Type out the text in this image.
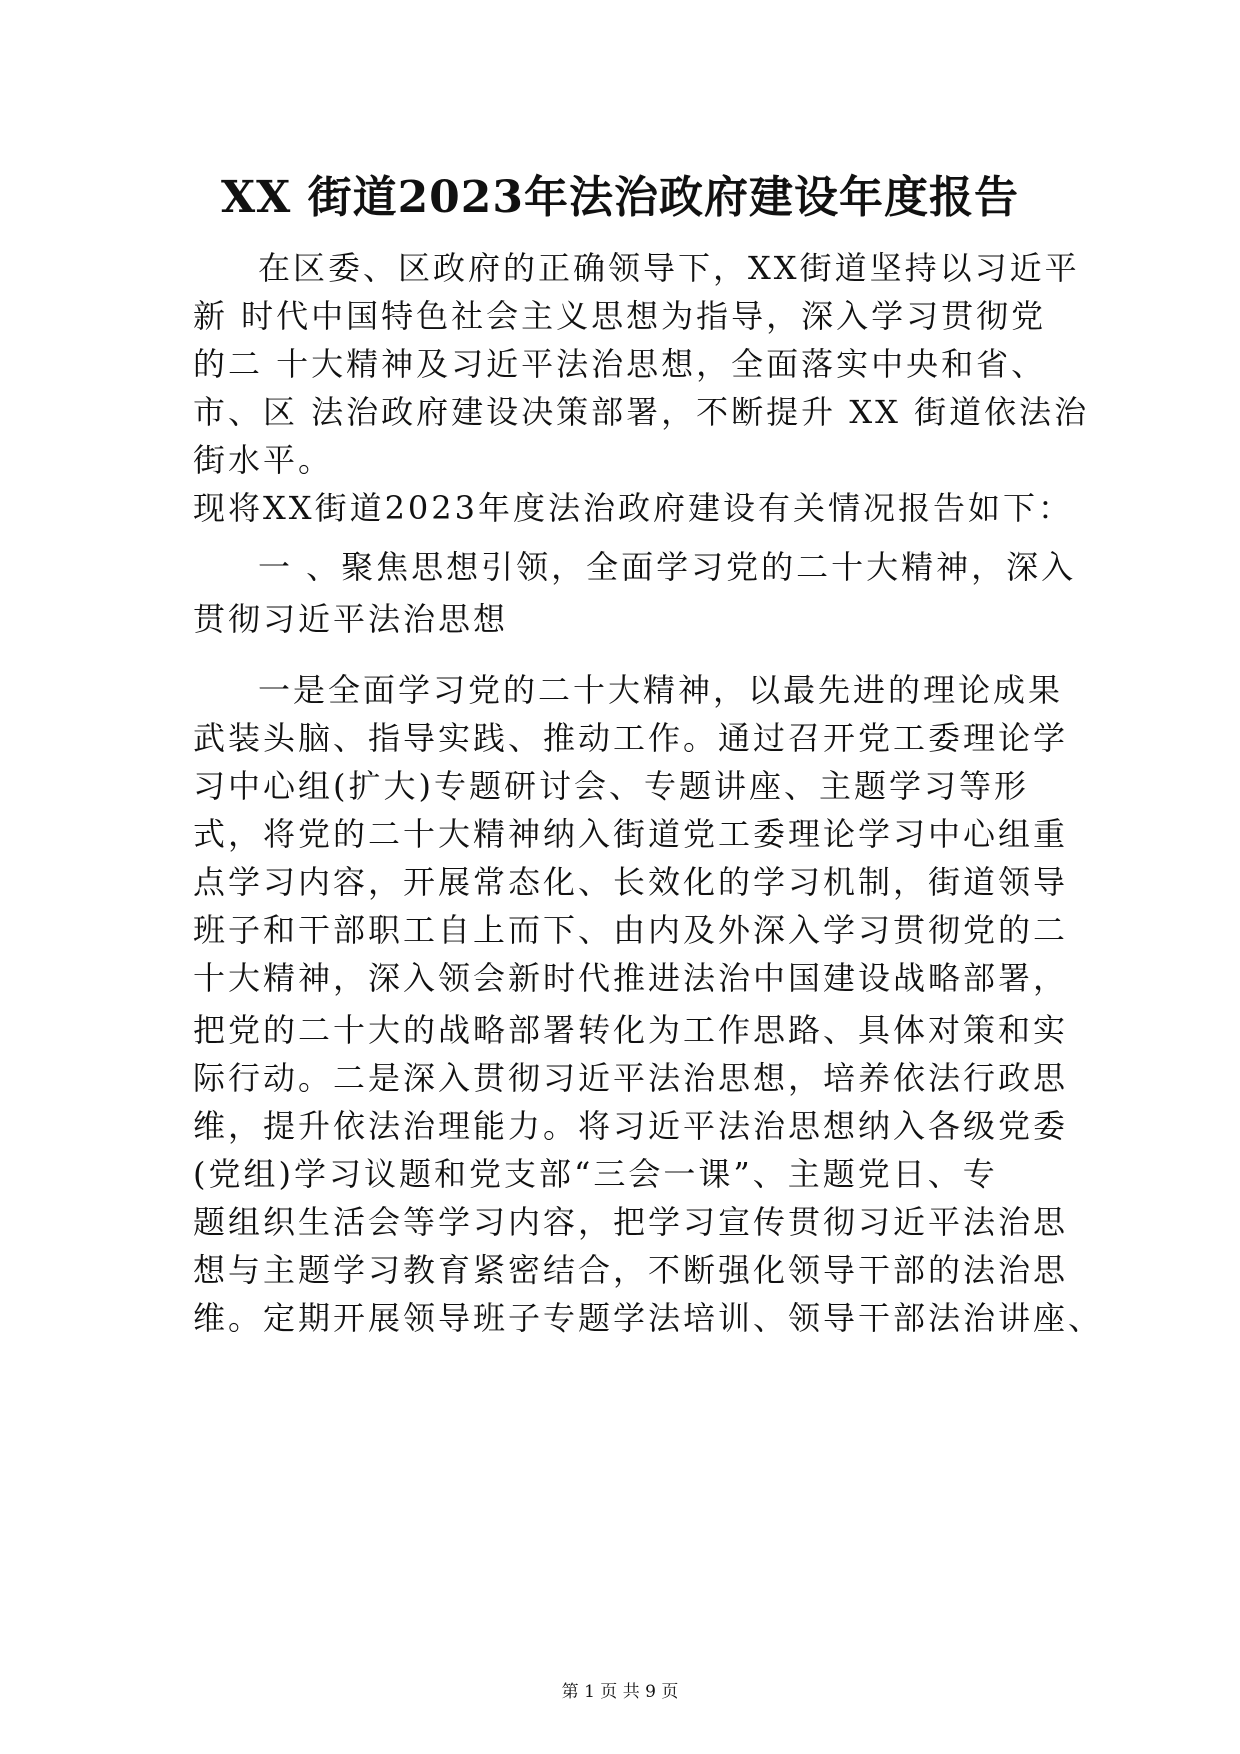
XX 街道2023年法治政府建设年度报告

在区委、区政府的正确领导下，XX街道坚持以习近平

新 时代中国特色社会主义思想为指导，深入学习贯彻党

的二 十大精神及习近平法治思想，全面落实中央和省、

市、区 法治政府建设决策部署，不断提升 XX 街道依法治

街水平。

现将XX街道2023年度法治政府建设有关情况报告如下：

一 、聚焦思想引领，全面学习党的二十大精神，深入

贯彻习近平法治思想

一是全面学习党的二十大精神，以最先进的理论成果

武装头脑、指导实践、推动工作。通过召开党工委理论学

习中心组(扩大)专题研讨会、专题讲座、主题学习等形

式，将党的二十大精神纳入街道党工委理论学习中心组重

点学习内容，开展常态化、长效化的学习机制，街道领导

班子和干部职工自上而下、由内及外深入学习贯彻党的二

十大精神，深入领会新时代推进法治中国建设战略部署，

把党的二十大的战略部署转化为工作思路、具体对策和实

际行动。二是深入贯彻习近平法治思想，培养依法行政思

维，提升依法治理能力。将习近平法治思想纳入各级党委

(党组)学习议题和党支部“三会一课”、主题党日、专

题组织生活会等学习内容，把学习宣传贯彻习近平法治思

想与主题学习教育紧密结合，不断强化领导干部的法治思

维。定期开展领导班子专题学法培训、领导干部法治讲座、

第 1 页 共 9 页
